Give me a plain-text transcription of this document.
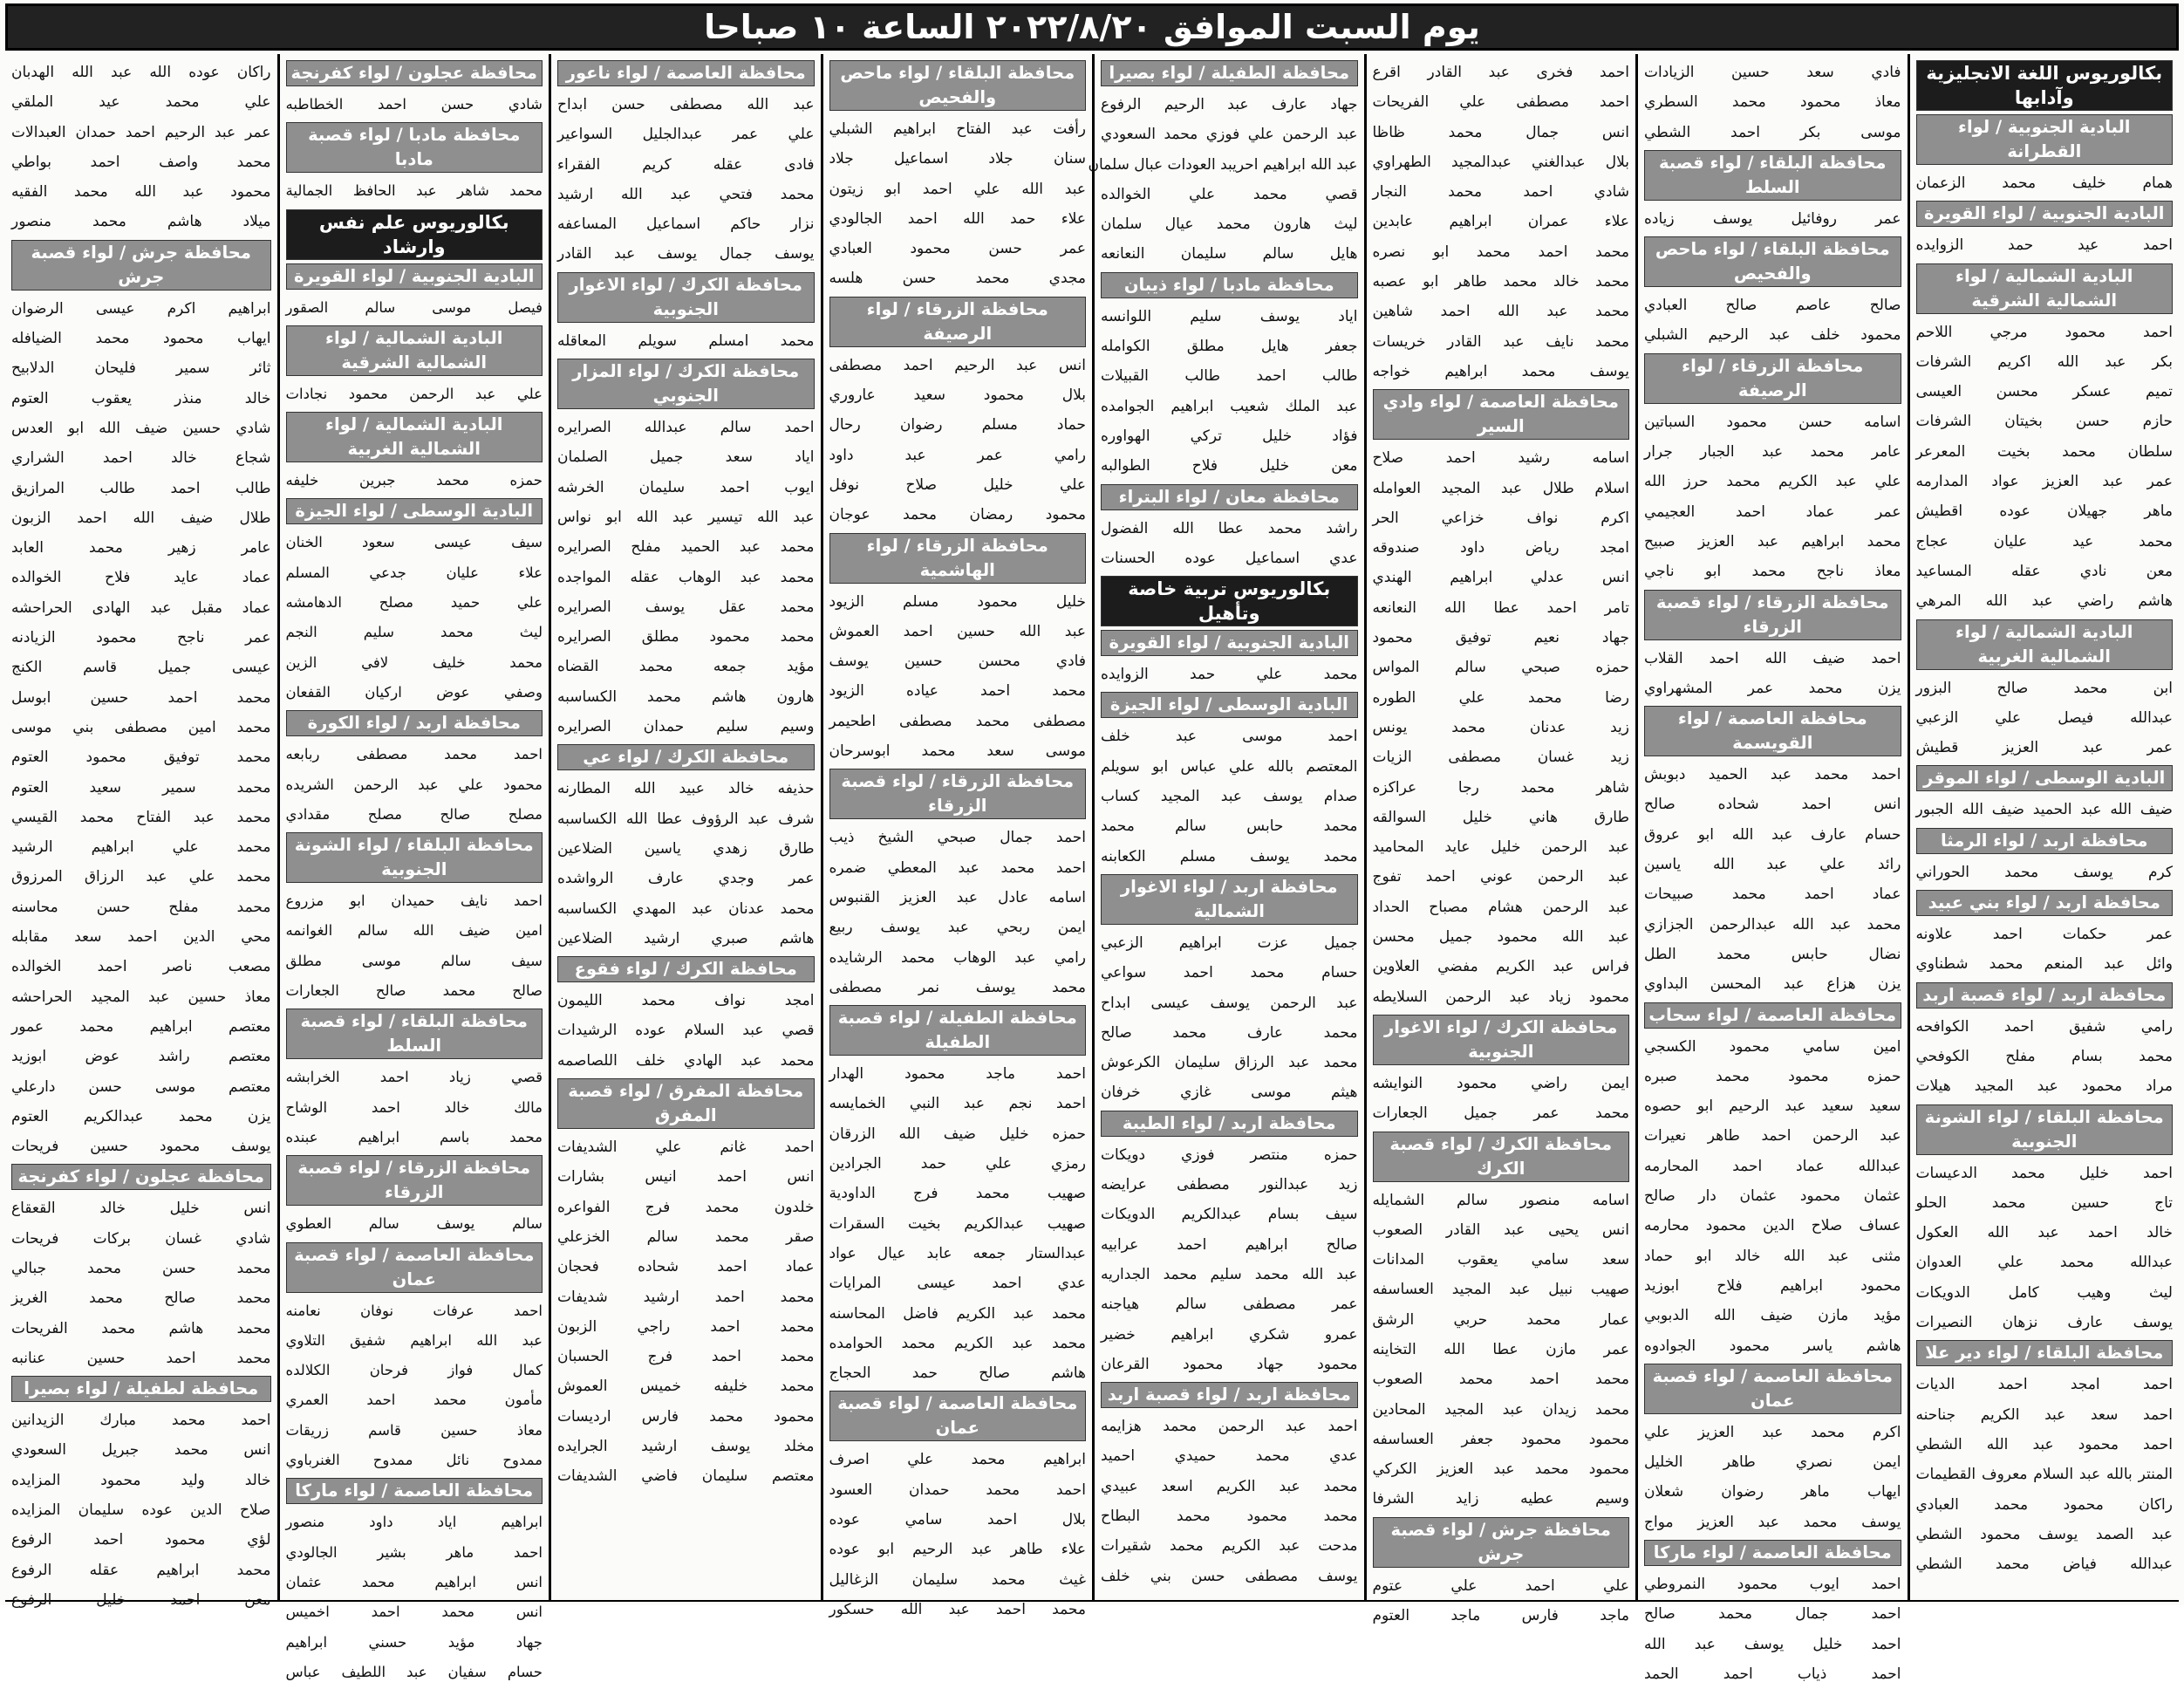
يوم السبت الموافق ٢٠٢٢/٨/٢٠ الساعة ١٠ صباحا
بكالوريوس اللغة الانجليزية وآدابها
البادية الجنوبية / لواء القطرانة
همام خليف محمد الزعمان
البادية الجنوبية / لواء القويرة
احمد عيد حمد الزوايده
البادية الشمالية / لواء الشمالية الشرقية
احمد محمود مرجي اللاحم
بكر عبد الله اكريم الشرفات
تميم عسكر محسن العيسى
حازم حسن بخيتان الشرفات
سلطان محمد بخيت المعرعر
عمر عبد العزيز عواد المدارمه
ماهر جهيلان عوده اقطيش
محمد عيد عليان عجاج
معن نادي عقله المساعيد
هاشم راضي عبد الله المرهي
البادية الشمالية / لواء الشمالية الغربية
ابن محمد صالح البزور
عبدالله فيصل علي الزعبي
عمر عبد العزيز قطيش
البادية الوسطى / لواء الموقر
ضيف الله عبد الحميد ضيف الله الجبور
محافظة اربد / لواء الرمثا
كرم يوسف محمد الحوراني
محافظة اربد / لواء بني عبيد
عمر حكمات احمد علاونه
وائل عبد المنعم محمد شطناوي
محافظة اربد / لواء قصبة اربد
رامي شفيق احمد الكوافحه
محمد بسام مفلح الكوفحي
مراد محمود عبد المجيد هيلات
محافظة البلقاء / لواء الشونة الجنوبية
احمد خليل محمد الدعيسات
تاج حسين محمد الحلو
خالد احمد عبد الله العكول
عبدالله محمد علي العدوان
ليث وهيب كامل الدويكات
يوسف عارف نزهان النصيرات
محافظة البلقاء / لواء دير علا
احمد امجد احمد الديات
احمد سعد عبد الكريم جناحنه
احمد محمود عبد الله الشطي
المنتر بالله عبد السلام معروف القطيمات
راكان محمود محمد العبادي
عبد الصمد يوسف محمود الشطي
عبدالله فياض محمد الشطي
فادي سعد حسين الزيادات
معاذ محمود محمد السطري
موسى بكر احمد الشطي
محافظة البلقاء / لواء قصبة السلط
عمر روفائيل يوسف زياده
محافظة البلقاء / لواء ماحص والفحيص
صالح عاصم صالح العبادي
محمود خلف عبد الرحيم الشبلي
محافظة الزرقاء / لواء الرصيفة
اسامه حسن محمود السباتين
عامر محمد عبد الجبار جرار
علي عبد الكريم محمد حرز الله
عمر عماد احمد العجيمي
محمد ابراهيم عبد العزيز صبيح
معاذ ناجح محمد ابو ناجي
محافظة الزرقاء / لواء قصبة الزرقاء
احمد ضيف الله احمد القلاب
يزن محمد عمر المشهراوي
محافظة العاصمة / لواء القويسمة
احمد محمد عبد الحميد دبوبش
انس احمد شحاده صالح
حسام عارف عبد الله ابو عروق
رائد علي عبد الله ياسين
عماد احمد محمد صبيحات
محمد عبد الله عبدالرحمن الجزازي
نضال حابس محمد الطل
يزن هزاع عبد المحسن البداوي
محافظة العاصمة / لواء سحاب
امين سامي محمود الكسجي
حمزه محمود محمد صبره
سعيد سعيد عبد الرحيم ابو حصوه
عبد الرحمن احمد طاهر نعيرات
عبدالله عماد احمد المحارمه
عثمان محمود عثمان دار صالح
عساف صلاح الدين محمود محارمه
مثنى عبد الله خالد ابو حماد
محمود ابراهيم فلاح ابوزيد
مؤيد مازن ضيف الله الدبوبي
هاشم ياسر محمود الجوادوه
محافظة العاصمة / لواء قصبة عمان
اكرم محمد عبد العزيز علي
ايمن نصري طاهر الخليل
ايهاب ماهر رضوان شعلان
يوسف محمد عبد العزيز مواج
محافظة العاصمة / لواء ماركا
احمد ايوب محمود النمروطي
احمد جمال محمد صالح
احمد خليل يوسف عبد الله
احمد ذياب احمد الحمد
احمد فخرى عبد القادر اقرع
احمد مصطفى علي الفريحات
انس جمال محمد ظاظا
بلال عبدالغني عبدالمجيد الطهراوي
شادي احمد محمد النجار
علاء عمران ابراهيم عابدين
محمد احمد محمد ابو نصره
محمد خالد محمد طاهر ابو عصبه
محمد عبد الله احمد شاهين
محمد نايف عبد القادر خريسات
يوسف محمد ابراهيم خواجه
محافظة العاصمة / لواء وادي السير
اسامه رشيد احمد صلاح
اسلام طلال عبد المجيد العوامله
اكرم نواف خزاعي الحر
امجد رياض داود صندوقه
انس عدلي ابراهيم الهندي
تامر احمد عطا الله النعانعه
جهاد نعيم توفيق محمود
حمزه صبحي سالم المواس
رضا محمد علي الطوره
زيد عدنان محمد يونس
زيد غسان مصطفى الزيات
شاهر محمد رجا عراكزه
طارق هاني خليل السوالقه
عبد الرحمن خليل عايد المحاميد
عبد الرحمن عوني احمد تفوج
عبد الرحمن هشام مصباح الحداد
عبد الله محمود جميل محسن
فراس عبد الكريم مفضي العلاوين
محمود زياد عبد الرحمن السلايطه
محافظة الكرك / لواء الاغوار الجنوبية
ايمن راضي محمود النوايشه
محمد عمر جميل الجعارات
محافظة الكرك / لواء قصبة الكرك
اسامه منصور سالم الشمايله
انس يحيى عبد القادر الصعوب
سعد سامي يعقوب المدانات
صهيب نبيل عبد المجيد العساسفه
عمار محمد حربي الرشق
عمر مازن عطا الله التخاينه
محمد احمد محمد الصعوب
محمد زيدان عبد المجيد المحادين
محمود محمود جعفر العساسفه
محمود محمد عبد العزيز الكركي
وسيم عطيه زايد الشرفا
محافظة جرش / لواء قصبة جرش
علي احمد علي عتوم
ماجد فارس ماجد العتوم
محافظة الطفيلة / لواء بصيرا
جهاد عارف عبد الرحيم الرفوع
عبد الرحمن علي فوزي محمد السعودي
عبد الله ابراهيم احريبد العودات عبال سلمان
قصي محمد علي الخوالده
ليث هارون محمد عيال سلمان
هايل سالم سليمان النعانعه
محافظة مادبا / لواء ذيبان
اياد يوسف سليم اللوانسه
جعفر هايل مطلق الكوامله
طالب احمد طالب القبيلات
عبد الملك شعيب ابراهيم الجوامده
فؤاد خليل تركي الهواوره
معن خليل فلاح الطوالبه
محافظة معان / لواء البتراء
راشد محمد عطا الله الفضول
عدي اسماعيل عوده الحسنات
بكالوريوس تربية خاصة وتأهيل
البادية الجنوبية / لواء القويرة
محمد علي حمد الزوايده
البادية الوسطى / لواء الجيزة
احمد موسى عبد خلف
المعتصم بالله علي عباس ابو سويلم
صدام يوسف عبد المجيد كساب
محمد حابس سالم محمد
محمد يوسف مسلم الكعابنه
محافظة اربد / لواء الاغوار الشمالية
جميل عزت ابراهيم الزعبي
حسام محمد احمد سواعي
عبد الرحمن يوسف عيسى ابداح
محمد عارف محمد صالح
محمد عبد الرزاق سليمان الكرعوش
هيثم موسى غازي خرفان
محافظة اربد / لواء الطيبة
حمزه منتصر فوزي دويكات
زيد عبدالنور مصطفى عرايضه
سيف بسام عبدالكريم الدويكات
صالح ابراهيم احمد عرابيه
عبد الله محمد سليم محمد الجداريه
عمر مصطفى سالم هياجنه
عمرو شكري ابراهيم خضير
محمود جهاد محمود القرعان
محافظة اربد / لواء قصبة اربد
احمد عبد الرحمن محمد هزايمه
عدي محمد حميدي احميد
محمد عبد الكريم اسعد عبيدي
محمد محمود محمد البطاح
مدحت عبد الكريم محمد شقيرات
يوسف مصطفى حسن بني خلف
محافظة البلقاء / لواء ماحص والفحيص
رأفت عبد الفتاح ابراهيم الشبلي
سنان جلاد اسماعيل جلاد
عبد الله علي احمد ابو زيتون
علاء حمد الله احمد الجالودي
عمر حسن محمود العبادي
مجدي محمد حسن هلسه
محافظة الزرقاء / لواء الرصيفة
انس عبد الرحيم احمد مصطفى
بلال محمود سعيد عاروري
حماد مسلم رضوان رحال
رامي عمر عبد داود
علي خليل صلاح نوفل
محمود رمضان محمد عوجان
محافظة الزرقاء / لواء الهاشمية
خليل محمود مسلم الزيود
عبد الله حسين احمد العموش
فادي محسن حسين يوسف
محمد احمد عياده الزيود
مصطفى محمد مصطفى اطحيمر
موسى سعد محمد ابوسرحان
محافظة الزرقاء / لواء قصبة الزرقاء
احمد جمال صبحي الشيخ ذيب
احمد محمد عبد المعطي ضمره
اسامه عادل عبد العزيز القنبوس
ايمن ربحي عبد يوسف ربيع
رامي عبد الوهاب محمد الرشايده
محمد يوسف نمر مصطفى
محافظة الطفيلة / لواء قصبة الطفيلة
احمد ماجد محمود الهدار
احمد نجم عبد النبي الخمايسه
حمزه خليل ضيف الله الزرقان
رمزي علي حمد الجرادين
صهيب محمد فرج الداودية
صهيب عبدالكريم بخيت السقرات
عبدالستار جمعه عابد عيال عواد
عدي احمد عيسى المرايات
محمد عبد الكريم فاضل المحاسنه
محمد عبد الكريم محمد الحوامده
هاشم صالح حمد الحجاج
محافظة العاصمة / لواء قصبة عمان
ابراهيم محمد علي اصرف
احمد محمد حمدان العسود
بلال احمد سامي عوده
علاء طاهر عبد الرحيم ابو عوده
غيث محمد سليمان الزغاليل
محمد احمد عبد الله حسكور
محافظة العاصمة / لواء ناعور
عبد الله مصطفى حسن ابداح
علي عمر عبدالجليل السواعير
فادى عقله كريم الفقراء
محمد فتحي عبد الله ارشيد
نزار حاكم اسماعيل المساعفه
يوسف جمال يوسف عبد القادر
محافظة الكرك / لواء الاغوار الجنوبية
محمد امسلم سويلم المعاقله
محافظة الكرك / لواء المزار الجنوبي
احمد سالم عبدالله الصرايره
اياد سعد جميل الصلمان
ايوب احمد سليمان الخرشه
عبد الله تيسير عبد الله ابو نواس
محمد عبد الحميد مفلح الصرايره
محمد عبد الوهاب عقله المواجده
محمد عقل يوسف الصرايره
محمد محمود مطلق الصرايره
مؤيد جمعه محمد القضاه
هارون هاشم محمد الكساسبه
وسيم سليم حمدان الصرايره
محافظة الكرك / لواء عي
حذيفه خالد عبيد الله المطارنه
شرف عبد الرؤوف عطا الله الكساسبه
طارق زهدي ياسين الضلاعين
عمر وجدي عارف الرواشده
محمد عدنان عبد المهدي الكساسبه
هاشم صبري ارشيد الضلاعين
محافظة الكرك / لواء فقوع
امجد نواف محمد الليمون
قصي عبد السلام عوده الرشيدات
محمد عبد الهادي خلف اللصاصمه
محافظة المفرق / لواء قصبة المفرق
احمد غانم علي الشديفات
انس احمد انيس بشارات
خلدون محمد فرج الفواعره
صقر محمد سالم الخزعلي
عماد احمد شحاده فحجان
محمد احمد ارشيد شديفات
محمد احمد راجي الزبون
محمد احمد فرج الحسبان
محمد خليفه خميس العموش
محمود محمد فارس ارديسات
مخلد يوسف ارشيد الجرايده
معتصم سليمان فاضي الشديفات
محافظة عجلون / لواء كفرنجة
شادي حسن احمد الخطاطبه
محافظة مادبا / لواء قصبة مادبا
محمد شاهر عبد الحافظ الجمالية
بكالوريوس علم نفس وارشاد
البادية الجنوبية / لواء القويرة
فيصل موسى سالم الصقور
البادية الشمالية / لواء الشمالية الشرقية
علي عبد الرحمن محمود نجادات
البادية الشمالية / لواء الشمالية الغربية
حمزه محمد جبرين خليفه
البادية الوسطى / لواء الجيزة
سيف عيسى سعود الخنان
علاء عليان جدعي المسلم
علي حميد مصلح الدهامشه
ليث محمد سليم النجم
محمد خليف لافي الزين
وصفي عوض اركيان القفعان
محافظة اربد / لواء الكورة
احمد محمد مصطفى ربابعه
محمود علي عبد الرحمن الشريده
مصلح صالح مصلح مقدادي
محافظة البلقاء / لواء الشونة الجنوبية
احمد نايف حميدان ابو مزروع
امين ضيف الله سالم الغوانمه
سيف سالم موسى مطلق
صالح محمد صالح الجعارات
محافظة البلقاء / لواء قصبة السلط
قصي زياد احمد الخرابشه
مالك خالد احمد الوشاح
محمد باسم ابراهيم عبنده
محافظة الزرقاء / لواء قصبة الزرقاء
سالم يوسف سالم العطوي
محافظة العاصمة / لواء قصبة عمان
احمد عرفات نوفان نعامنه
عبد الله ابراهيم شفيق التلاوي
كمال فواز فرحان الكلالده
مأمون محمد احمد العمري
معاذ حسين قاسم زريقات
ممدوح نائل ممدوح الغنرباوي
محافظة العاصمة / لواء ماركا
ابراهيم اياد داود منصور
احمد ماهر بشير الجالودي
انس ابراهيم محمد عثمان
انس محمد احمد اخميس
جهاد مؤيد حسني ابراهيم
حسام سفيان عبد اللطيف عباس
راكان عوده الله عبد الله الهدبان
علي محمد عيد الملقي
عمر عبد الرحيم احمد حمدان العبدالات
محمد واصف احمد بواطي
محمود عبد الله محمد الفقيه
ميلاد هاشم محمد منصور
محافظة جرش / لواء قصبة جرش
ابراهيم اكرم عيسى الرضوان
ايهاب محمود محمد الضيافله
ثائر سمير فليحان الدلابيح
خالد منذر يعقوب العتوم
شادي حسين ضيف الله ابو العدس
شجاع خالد احمد الشراري
طالب احمد طالب المرازيق
طلال ضيف الله احمد الزبون
عامر زهير محمد العابد
عماد عايد فلاح الخوالده
عماد مقبل عبد الهادى الحراحشه
عمر ناجح محمود الزيادنه
عيسى جميل قاسم الكنج
محمد احمد حسين ابوسل
محمد امين مصطفى بني موسى
محمد توفيق محمود العتوم
محمد سمير سعيد العتوم
محمد عبد الفتاح محمد القيسي
محمد علي ابراهيم الرشيد
محمد علي عبد الرزاق المرزوق
محمد مفلح حسن محاسنه
محي الدين احمد سعد مقابله
مصعب ناصر احمد الخوالده
معاذ حسين عبد المجيد الحراحشه
معتصم ابراهيم محمد عمور
معتصم راشد عوض ابوزيد
معتصم موسى حسن دارعلي
يزن محمد عبدالكريم العتوم
يوسف محمود حسين فريحات
محافظة عجلون / لواء كفرنجة
انس خليل خالد القعقاع
شادي غسان بركات فريحات
محمد حسن محمد جبالي
محمد صالح محمد الغريز
محمد هاشم محمد الفريحات
محمد احمد حسين عنانبه
محافظة لطفيلة / لواء بصيرا
احمد محمد مبارك الزيدانين
انس محمد جبريل السعودي
خالد وليد محمود المزايده
صلاح الدين عوده سليمان المزايده
لؤي محمود احمد الرفوع
محمد ابراهيم عقله الرفوع
معن احمد خليل الرفوع
